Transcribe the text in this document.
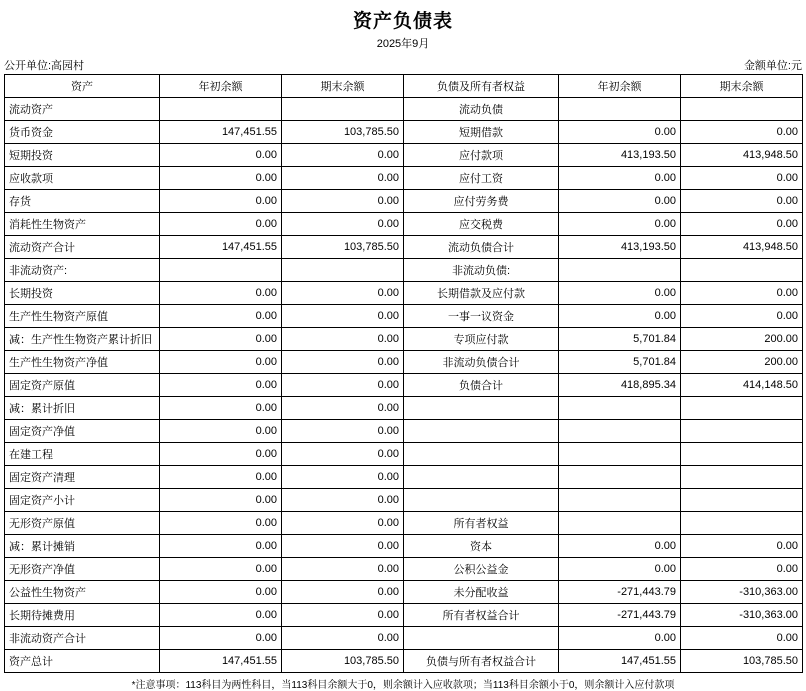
资产负债表
2025年9月
公开单位:高园村	金额单位:元
资产	年初余额	期末余额	负债及所有者权益	年初余额	期末余额
流动资产			流动负债		
货币资金	147,451.55	103,785.50	短期借款	0.00	0.00
短期投资	0.00	0.00	应付款项	413,193.50	413,948.50
应收款项	0.00	0.00	应付工资	0.00	0.00
存货	0.00	0.00	应付劳务费	0.00	0.00
消耗性生物资产	0.00	0.00	应交税费	0.00	0.00
流动资产合计	147,451.55	103,785.50	流动负债合计	413,193.50	413,948.50
非流动资产:			非流动负债:		
长期投资	0.00	0.00	长期借款及应付款	0.00	0.00
生产性生物资产原值	0.00	0.00	一事一议资金	0.00	0.00
减：生产性生物资产累计折旧	0.00	0.00	专项应付款	5,701.84	200.00
生产性生物资产净值	0.00	0.00	非流动负债合计	5,701.84	200.00
固定资产原值	0.00	0.00	负债合计	418,895.34	414,148.50
减：累计折旧	0.00	0.00			
固定资产净值	0.00	0.00			
在建工程	0.00	0.00			
固定资产清理	0.00	0.00			
固定资产小计	0.00	0.00			
无形资产原值	0.00	0.00	所有者权益		
减：累计摊销	0.00	0.00	资本	0.00	0.00
无形资产净值	0.00	0.00	公积公益金	0.00	0.00
公益性生物资产	0.00	0.00	未分配收益	-271,443.79	-310,363.00
长期待摊费用	0.00	0.00	所有者权益合计	-271,443.79	-310,363.00
非流动资产合计	0.00	0.00		0.00	0.00
资产总计	147,451.55	103,785.50	负债与所有者权益合计	147,451.55	103,785.50
*注意事项：113科目为两性科目，当113科目余额大于0，则余额计入应收款项；当113科目余额小于0，则余额计入应付款项
